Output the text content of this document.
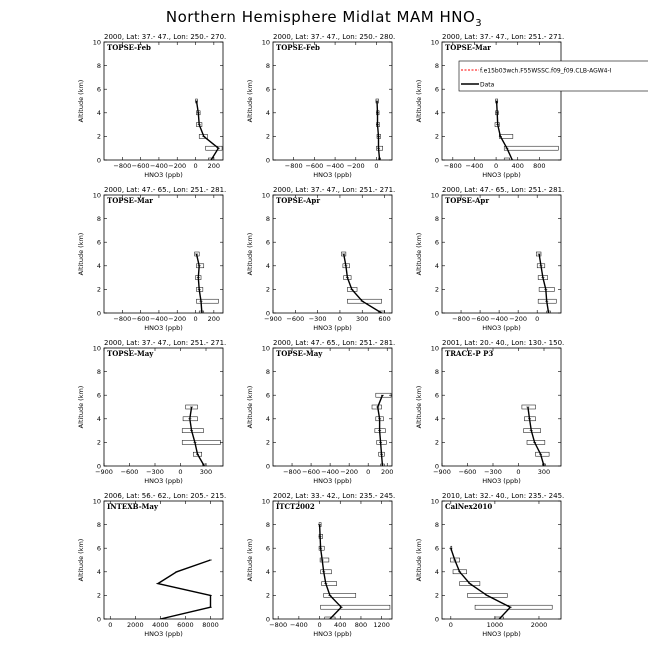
Northern Hemisphere Midlat MAM $HNO_3$
2000, Lat: 37.- 47., Lon: 250.- 270.
TOPSE-Feb
0
2
4
6
8
10
−800 −600 −400 −200 0 200
Altitude (km)
HNO3 (ppb)
2000, Lat: 37.- 47., Lon: 250.- 280.
TOPSE-Feb
0
2
4
6
8
10
−800 −600 −400 −200 0
Altitude (km)
HNO3 (ppb)
2000, Lat: 37.- 47., Lon: 251.- 271.
TOPSE-Mar
0
2
4
6
8
10
−800 −400 0 400 800
Altitude (km)
HNO3 (ppb)
2000, Lat: 47.- 65., Lon: 251.- 281.
TOPSE-Mar
0
2
4
6
8
10
−800 −600 −400 −200 0 200
Altitude (km)
HNO3 (ppb)
2000, Lat: 37.- 47., Lon: 251.- 271.
TOPSE-Apr
0
2
4
6
8
10
−900 −600 −300 0 300 600
Altitude (km)
HNO3 (ppb)
2000, Lat: 47.- 65., Lon: 251.- 281.
TOPSE-Apr
0
2
4
6
8
10
−800 −600 −400 −200 0
Altitude (km)
HNO3 (ppb)
2000, Lat: 37.- 47., Lon: 251.- 271.
TOPSE-May
0
2
4
6
8
10
−900 −600 −300 0	300
Altitude (km)
HNO3 (ppb)
2000, Lat: 47.- 65., Lon: 251.- 281.
TOPSE-May
0
2
4
6
8
10
−800 −600 −400 −200 0 200
Altitude (km)
HNO3 (ppb)
2001, Lat: 20.- 40., Lon: 130.- 150.
TRACE-P P3
0
2
4
6
8
10
−900 −600 −300 0	300
Altitude (km)
HNO3 (ppb)
2006, Lat: 56.- 62., Lon: 205.- 215.
INTEXB-May
0
2
4
6
8
10
0 2000 4000 6000 8000
Altitude (km)
HNO3 (ppb)
2002, Lat: 33.- 42., Lon: 235.- 245.
ITCT2002
0
2
4
6
8
10
−800 −400 0 400 800 1200
Altitude (km)
HNO3 (ppb)
2010, Lat: 32.- 40., Lon: 235.- 245.
CalNex2010
0
2
4
6
8
10
0	1000	2000
Altitude (km)
HNO3 (ppb)
f.e15b03wch.F55WSSC.f09_f09.CLB-AGW4-I
Data
